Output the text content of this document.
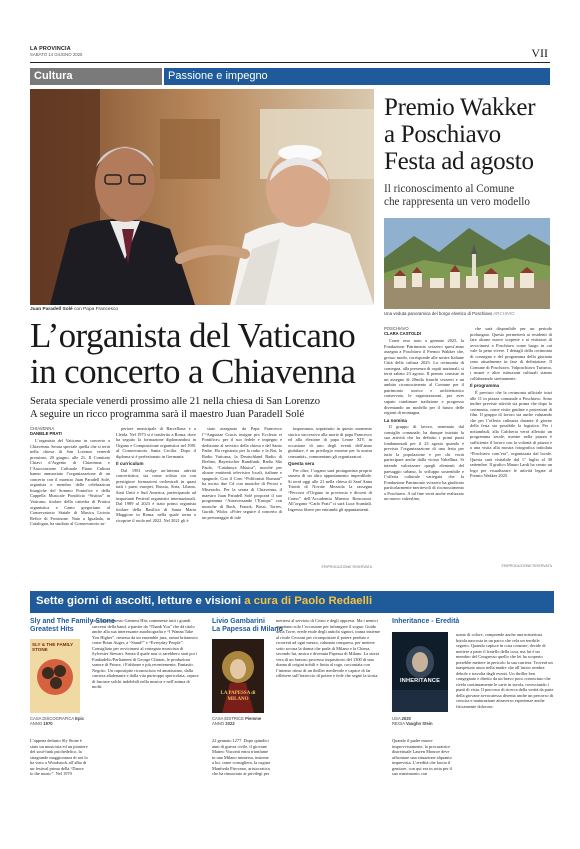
LA PROVINCIA
SABATO 14 GIUGNO 2025	VII
Cultura	Passione e impegno
Juan Paradell Solé con Papa Francesco
Premio Wakker
a Poschiavo
Festa ad agosto
Il riconoscimento al Comune
che rappresenta un vero modello
Una veduta panoramica del borgo elvetico di Poschiavo ARCHIVIO
L’organista del Vaticano
in concerto a Chiavenna
Serata speciale venerdì prossimo alle 21 nella chiesa di San Lorenzo
A seguire un ricco programma sarà il maestro Juan Paradell Solé
CHIAVENNA
DANIELE PRATI

L’organista del Vaticano in concerto a Chiavenna. Serata speciale quella che si terrà nella chiesa di San Lorenzo venerdì prossimo, 20 giugno, alle 21. Il Comitato Chiavi d’Argento di Chiavenna e l’Associazione Culturale Piano Cultura hanno annunciato l’organizzazione di un concerto con il maestro Juan Paradell Solé, organista e membro delle celebrazioni liturgiche del Sommo Pontefice e della Cappella Musicale Pontificia “Sistina” in Vaticano, titolare della cattedra di Pratica organistica e Canto gregoriano al Conservatorio Statale di Musica Licinio Refice di Frosinone. Nato a Igualada, in Catalogna, ha studiato al Conservatorio su-

periore municipale di Barcellona e a Lleida. Nel 1973 si è trasferito a Roma, dove ha seguito la formazione diplomandosi in Organo e Composizione organistica nel 1981 al Conservatorio Santa Cecilia. Dopo il diploma si è perfezionato in Germania.

Il curriculum

Dal 1981 svolge un’intensa attività concertistica, sia come solista sia con prestigiose formazioni orchestrali in quasi tutti i paesi europei, Russia, Siria, Libano, Stati Uniti e Sud America, partecipando ad importanti Festival organistici internazionali. Dal 1989 al 2023 è stato primo organista titolare della Basilica di Santa Maria Maggiore in Roma, nella quale torna a ricoprire il ruolo nel 2022. Nel 2021 gli è

stato assegnato da Papa Francesco l’“Augustae Crucis insigne pro Ecclesia et Pontifice» per il suo fedele e impegno e dedizione al servizio della chiesa e del Santo Padre. Ha registrato per la radio e la Rai, la Radio Vaticana, la Deutschland Radio di Berlino, Bayerischer Rundfunk, Radio São Paulo, “Catalunya Música”, nonché per alcune emittenti televisive locali, italiane e spagnole. Con il Coro “Polifonisti Romani” ha inciso due Cd con musiche di Perosi e Miserachs. Per la serata di Chiavenna, il maestro Juan Paradell Solé proporrà il suo programma “Attraversando l’Europa” con musiche di Bach, Franck, Bossi, Torres, Guridi, Widor. «Poter seguire il concerto di un personaggio di tale

importanza, soprattutto in questo momento storico successivo alla morte di papa Francesco ed alla elezione di papa Leone XIV, in occasione di uno degli eventi dell’anno giubilare, è un privilegio enorme per la nostra comunità», commentano gli organizzatori.

Questa sera

Per oltre, l’organo sarà protagonista proprio stasera di un altro appuntamento imperdibile. Si terrà oggi alle 21 nella chiesa di Sant’Anna Trinità di Novate Mezzola la rassegna “Percorsi d’Organo in provincia e diocesi di Como” dell’Accademia Maestro Roncoroni. All’organo “Carlo Prati” ci sarà Luca Scandali. Ingresso libero per entrambi gli appuntamenti.

©RIPRODUZIONE RISERVATA
POSCHIAVO
CLARA CASTOLDI

Come reso noto a gennaio 2025, la Fondazione Patrimonio svizzero quest’anno assegna a Poschiavo il Premio Wakker che, grosso modo, corrisponde alle nostre Italiane Città della cultura 2025. La cerimonia di consegna, alla presenza di ospiti nazionali, si terrà sabato 23 agosto. Il premio consiste in un assegno di 20mila franchi svizzeri e un ambito riconoscimento al Comune per il patrimonio storico e architettonico conservato, le organizzazioni, per aver saputo combinare tradizione e progresso diventando un modello per il futuro delle regioni di montagna.

La nomina

Il gruppo di lavoro, nominato dal consiglio comunale, ha dunque iniziato la sua attività che ha definito i primi punti fondamentali per il 23 agosto quando è prevista l’organizzazione di una festa per tutta la popolazione e per chi vorrà partecipare anche dalla vicina Valtellina. Si intende valorizzare quegli elementi del paesaggio urbano, lo sviluppo sostenibile e l’offerta culturale variegata che la Fondazione Patrimonio svizzero ha giudicato particolarmente meritevoli di riconoscimento a Poschiavo. A tal fine verrà anche realizzato un nuovo valzerlino,

che sarà disponibile per un periodo prolungato. Questo permetterà ai residenti di fare alcune nuove scoperte e ai visitatori di avvicinarsi a Poschiavo come luogo in cui vale la pena vivere. I dettagli della cerimonia di consegna e del programma della giornata sono attualmente in fase di definizione. Il Comune di Poschiavo, Valposchiavo Turismo, i musei e altre istituzioni culturali stanno collaborando strettamente.

Il programma

È previsto che la cerimonia ufficiale inizi alle 11 in piazza comunale a Poschiavo. Sono inoltre previste attività sia prima che dopo la cerimonia, come visite guidate e proiezioni di film. Il gruppo di lavoro sta anche valutando che per l’offerta culinaria durante il giorno della festa sia possibile la logistica. Per i nottambuli, alla Calcheria verrà allestito un programma serale, mentre nella piazza è sufficiente il lavoro con la volontà di piazza e a una visita alla mostra fotografica intitolata “Poschiavo com’era”, organizzata dal locale. Questa sarà visitabile dal 1° luglio al 30 settembre. Il grafico Mauro Lardi ha creato un logo per visualizzare le attività legate al Premio Wakker 2025.

©RIPRODUZIONE RISERVATA
Sette giorni di ascolti, letture e visioni a cura di Paolo Redaelli
Sly and The Family Stone
Greatest Hits
SLY & THE FAMILY STONE
CASA DISCOGRAFICA Epic
ANNO 1970
L’appena defunto Sly Stone è stato un musicista ed un pioniere del soul-funk psichedelico, la stragrande maggioranza di noi lo ha visto a Woodstock all’alba di un festival prima della “Dance to the music”. Nel 1970
fece uscire questo Greatest Hits contenente tutti i grandi successi della band, a partire da “Thank You” che dà titolo anche alla sua interessante autobiografia e “I Wanna Take You Higher”, rimessa da un ensemble jazz, ormai britannico come Brian Auger, a “Stand!” e “Everyday People”. Consigliato per avvicinarsi al variegato musicista di Sylvester Stewart. Senza il quale non ci sarebbero stati poi i Funkadelic/Parliament di George Clinton, le produzioni sonore di Prince, i Fishbone e più recentemente, Fantastic Negrito. Un capostipite riconosciuto ed amatissimo, dalla carriera altalenante e dalla vita purtroppo spericolata, capace di lasciare solchi indelebili nella musica e nell’anima di molti.
Livio Gambarini
La Papessa di Milano
LA PAPESSA di MILANO
CASA EDITRICE Piemme
ANNO 2023
22 gennaio 1277. Dopo quindici anni di guerra civile, il giovane Matteo Visconti entra trionfante in una Milano immersa, insieme a lui, come consigliera, la cugina Manfreda Pirovano, aristocratica che ha rinunciato ai privilegi per
mettersi al servizio di Cristo e degli oppressi. Ma i nemici aspettano solo l’occasione per infrangere il sogno. Guido della Torre, erede esule degli antichi signori, trama insieme al rivale Cessoni per riconquistare il potere perduto e ricorrerà ad ogni mezzo, calunnia compresa, per mettere sotto accusa la donna che parla di Milano e la Chiesa, secondo lui, amica e divenuta Papessa di Milano. La storia vera di un famoso processo inquisitorio del 1300 di una donna di origini nobili e finita al rogo, raccontata con l’intenso ritmo di un thriller medievale e capace di far riflettere sull’intreccio di potere e fede che segnò la storia.
Inheritance - Eredità
INHERITANCE
USA 2020
REGIA Vaughn Stein
Quando il padre muore improvvisamente, la procuratrice distrettuale Lauren Monroe deve affrontare una situazione alquanto imprevista. L’eredità che lascia il genitore, con qui era in rotta per il suo matrimonio con
uomo di colore, comprende anche una misteriosa botola nascosta in un parco che cela un terribile segreto. Quando capisce in cosa consiste, decide di mettere a parte il fratello della cosa, ma lui è un membro del Congresso quello che lei ha scoperto potrebbe mettere in pericolo la sua carriera. Troverà un inaspettato aiuto nella madre che all’inizio sembra debole e travolta dagli eventi. Un thriller ben congegnato e diretto da un bravo poco conosciuto che rivela continuamente le carte in tavola, rovesciando i punti di vista. Il percorso di ricerca della verità da parte della giovane avvocatessa diventa anche un percorso di crescita e maturazione attraverso esperienze anche fisicamente dolorose.
